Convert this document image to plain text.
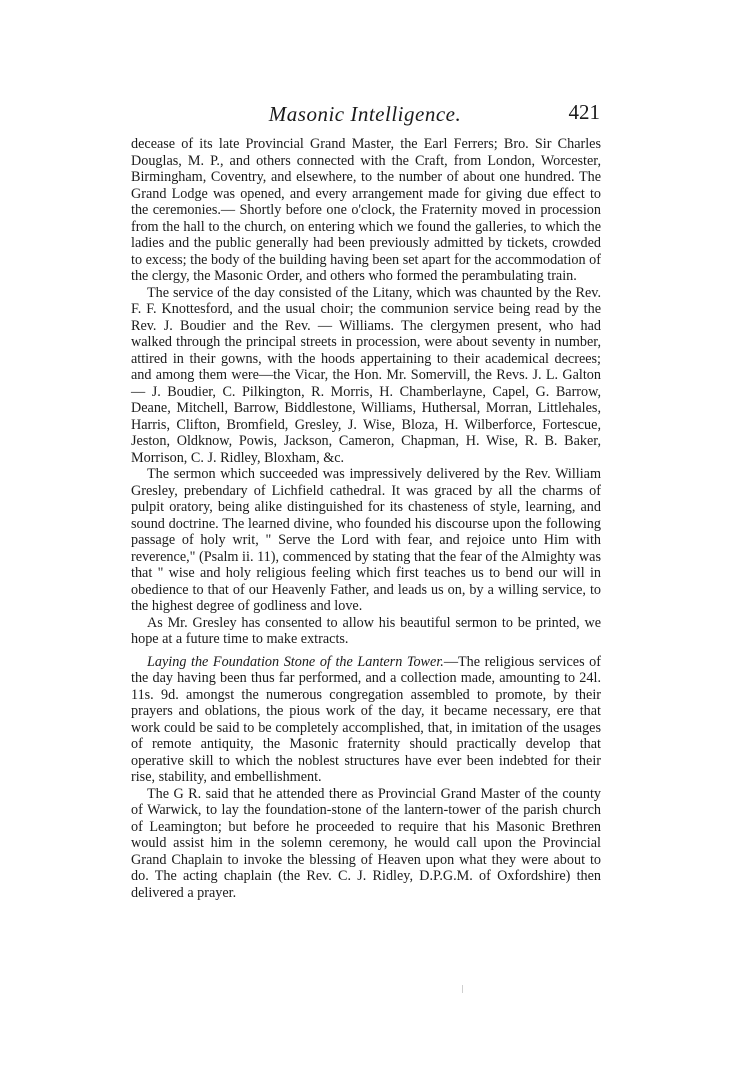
Masonic Intelligence.	421

decease of its late Provincial Grand Master, the Earl Ferrers; Bro. Sir Charles Douglas, M. P., and others connected with the Craft, from London, Worcester, Birmingham, Coventry, and elsewhere, to the number of about one hundred. The Grand Lodge was opened, and every arrangement made for giving due effect to the ceremonies.— Shortly before one o'clock, the Fraternity moved in procession from the hall to the church, on entering which we found the galleries, to which the ladies and the public generally had been previously admitted by tickets, crowded to excess; the body of the building having been set apart for the accommodation of the clergy, the Masonic Order, and others who formed the perambulating train.

The service of the day consisted of the Litany, which was chaunted by the Rev. F. F. Knottesford, and the usual choir; the communion service being read by the Rev. J. Boudier and the Rev. — Williams. The clergymen present, who had walked through the principal streets in procession, were about seventy in number, attired in their gowns, with the hoods appertaining to their academical decrees; and among them were—the Vicar, the Hon. Mr. Somervill, the Revs. J. L. Galton— J. Boudier, C. Pilkington, R. Morris, H. Chamberlayne, Capel, G. Barrow, Deane, Mitchell, Barrow, Biddlestone, Williams, Huthersal, Morran, Littlehales, Harris, Clifton, Bromfield, Gresley, J. Wise, Bloza, H. Wilberforce, Fortescue, Jeston, Oldknow, Powis, Jackson, Cameron, Chapman, H. Wise, R. B. Baker, Morrison, C. J. Ridley, Bloxham, &c.

The sermon which succeeded was impressively delivered by the Rev. William Gresley, prebendary of Lichfield cathedral. It was graced by all the charms of pulpit oratory, being alike distinguished for its chasteness of style, learning, and sound doctrine. The learned divine, who founded his discourse upon the following passage of holy writ, " Serve the Lord with fear, and rejoice unto Him with reverence," (Psalm ii. 11), commenced by stating that the fear of the Almighty was that " wise and holy religious feeling which first teaches us to bend our will in obedience to that of our Heavenly Father, and leads us on, by a willing service, to the highest degree of godliness and love.

As Mr. Gresley has consented to allow his beautiful sermon to be printed, we hope at a future time to make extracts.

Laying the Foundation Stone of the Lantern Tower.—The religious services of the day having been thus far performed, and a collection made, amounting to 24l. 11s. 9d. amongst the numerous congregation assembled to promote, by their prayers and oblations, the pious work of the day, it became necessary, ere that work could be said to be completely accomplished, that, in imitation of the usages of remote antiquity, the Masonic fraternity should practically develop that operative skill to which the noblest structures have ever been indebted for their rise, stability, and embellishment.

The G R. said that he attended there as Provincial Grand Master of the county of Warwick, to lay the foundation-stone of the lantern-tower of the parish church of Leamington; but before he proceeded to require that his Masonic Brethren would assist him in the solemn ceremony, he would call upon the Provincial Grand Chaplain to invoke the blessing of Heaven upon what they were about to do. The acting chaplain (the Rev. C. J. Ridley, D.P.G.M. of Oxfordshire) then delivered a prayer.
